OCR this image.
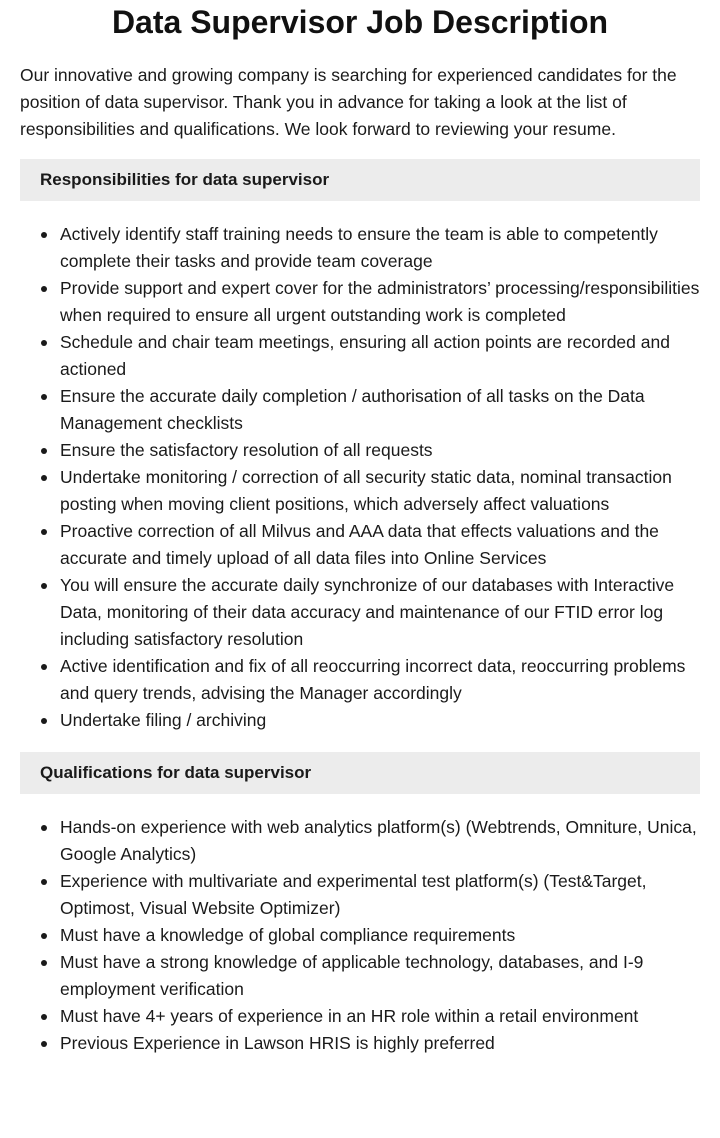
Data Supervisor Job Description

Our innovative and growing company is searching for experienced candidates for the position of data supervisor. Thank you in advance for taking a look at the list of responsibilities and qualifications. We look forward to reviewing your resume.

Responsibilities for data supervisor
Actively identify staff training needs to ensure the team is able to competently complete their tasks and provide team coverage
Provide support and expert cover for the administrators’ processing/responsibilities when required to ensure all urgent outstanding work is completed
Schedule and chair team meetings, ensuring all action points are recorded and actioned
Ensure the accurate daily completion / authorisation of all tasks on the Data Management checklists
Ensure the satisfactory resolution of all requests
Undertake monitoring / correction of all security static data, nominal transaction posting when moving client positions, which adversely affect valuations
Proactive correction of all Milvus and AAA data that effects valuations and the accurate and timely upload of all data files into Online Services
You will ensure the accurate daily synchronize of our databases with Interactive Data, monitoring of their data accuracy and maintenance of our FTID error log including satisfactory resolution
Active identification and fix of all reoccurring incorrect data, reoccurring problems and query trends, advising the Manager accordingly
Undertake filing / archiving
Qualifications for data supervisor
Hands-on experience with web analytics platform(s) (Webtrends, Omniture, Unica, Google Analytics)
Experience with multivariate and experimental test platform(s) (Test&Target, Optimost, Visual Website Optimizer)
Must have a knowledge of global compliance requirements
Must have a strong knowledge of applicable technology, databases, and I-9 employment verification
Must have 4+ years of experience in an HR role within a retail environment
Previous Experience in Lawson HRIS is highly preferred
